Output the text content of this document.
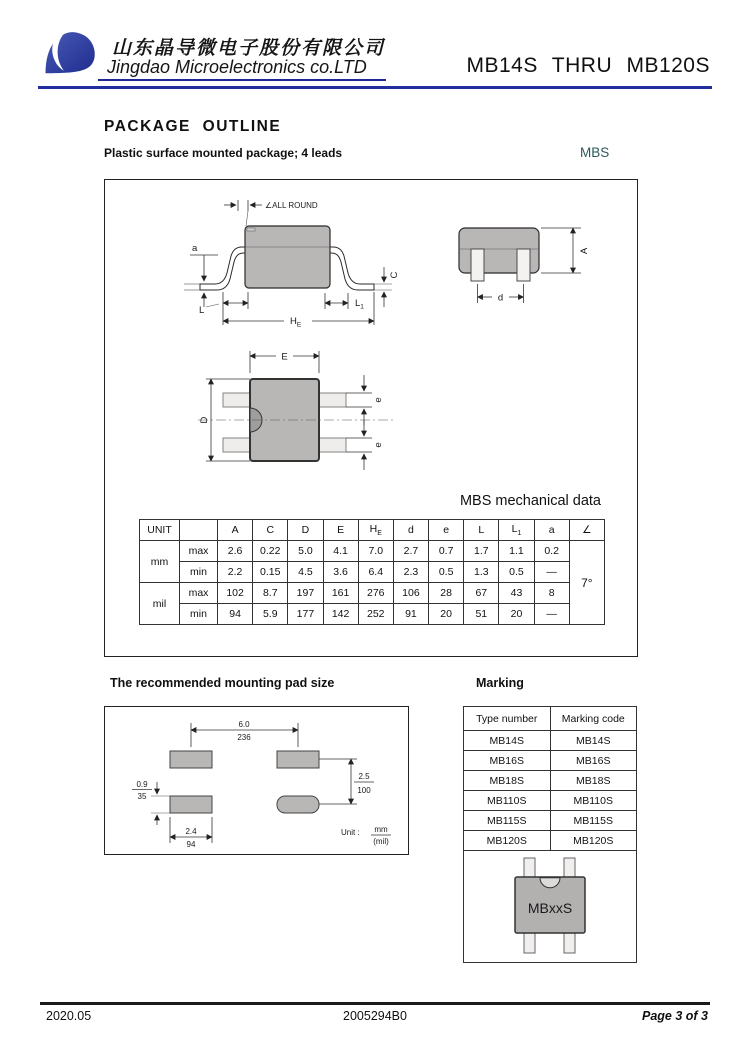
山东晶导微电子股份有限公司
Jingdao Microelectronics co.LTD	MB14S THRU MB120S
PACKAGE OUTLINE
Plastic surface mounted package; 4 leads	MBS
∠ALL ROUND
a
C
L
$L_1$
$H_E$
A
d
E
D
e
e
MBS mechanical data
UNIT		A	C	D	E	$H_E$	d	e	L	$L_1$	a	∠
mm	max	2.6	0.22	5.0	4.1	7.0	2.7	0.7	1.7	1.1	0.2	7°
	min	2.2	0.15	4.5	3.6	6.4	2.3	0.5	1.3	0.5	—	
mil	max	102	8.7	197	161	276	106	28	67	43	8	
	min	94	5.9	177	142	252	91	20	51	20	—	
The recommended mounting pad size
6.0
236
0.9
35
2.4
94
2.5
100
Unit : mm
(mil)
Marking
Type number	Marking code
MB14S	MB14S
MB16S	MB16S
MB18S	MB18S
MB110S	MB110S
MB115S	MB115S
MB120S	MB120S

MBxxS	
2020.05	2005294B0	Page 3 of 3
